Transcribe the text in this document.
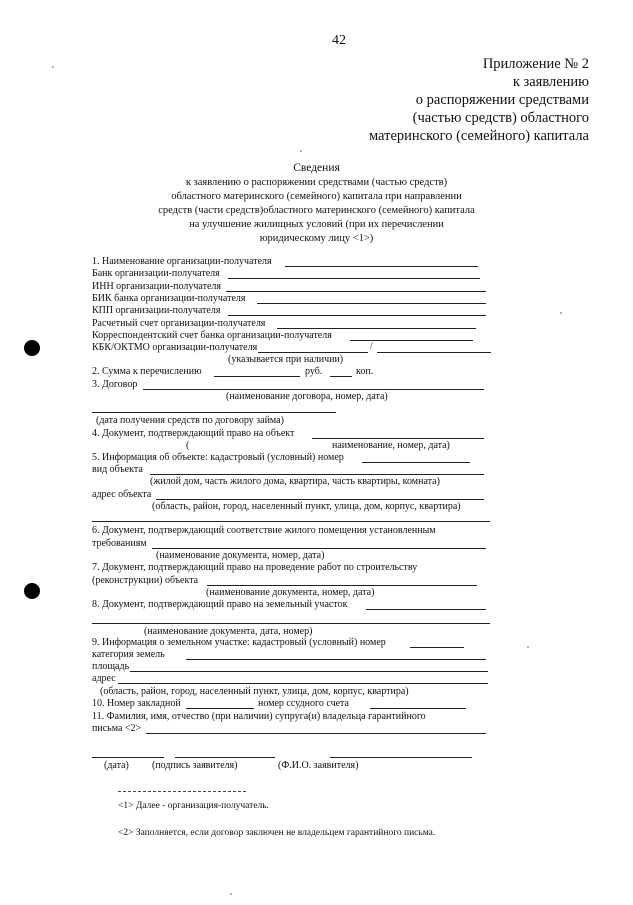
42
Приложение № 2
к заявлению
о распоряжении средствами
(частью средств) областного
материнского (семейного) капитала
Сведения
к заявлению о распоряжении средствами (частью средств)
областного материнского (семейного) капитала при направлении
средств (части средств)областного материнского (семейного) капитала
на улучшение жилищных условий (при их перечислении
юридическому лицу <1>)
1. Наименование организации-получателя
Банк организации-получателя
ИНН организации-получателя
БИК банка организации-получателя
КПП организации-получателя
Расчетный счет организации-получателя
Корреспондентский счет банка организации-получателя
КБК/ОКТМО организации-получателя	/
(указывается при наличии)
2. Сумма к перечислению	руб.	коп.
3. Договор
(наименование договора, номер, дата)
(дата получения средств по договору займа)
4. Документ, подтверждающий право на объект
(	наименование, номер, дата)
5. Информация об объекте: кадастровый (условный) номер
вид объекта
(жилой дом, часть жилого дома, квартира, часть квартиры, комната)
адрес объекта
(область, район, город, населенный пункт, улица, дом, корпус, квартира)
6. Документ, подтверждающий соответствие жилого помещения установленным
требованиям
(наименование документа, номер, дата)
7. Документ, подтверждающий право на проведение работ по строительству
(реконструкции) объекта
(наименование документа, номер, дата)
8. Документ, подтверждающий право на земельный участок
(наименование документа, дата, номер)
9. Информация о земельном участке: кадастровый (условный) номер
категория земель
площадь
адрес
(область, район, город, населенный пункт, улица, дом, корпус, квартира)
10. Номер закладной	номер ссудного счета
11. Фамилия, имя, отчество (при наличии) супруга(и) владельца гарантийного
письма <2>
(дата) (подпись заявителя)	(Ф.И.О. заявителя)
<1> Далее - организация-получатель.
<2> Заполняется, если договор заключен не владельцем гарантийного письма.
